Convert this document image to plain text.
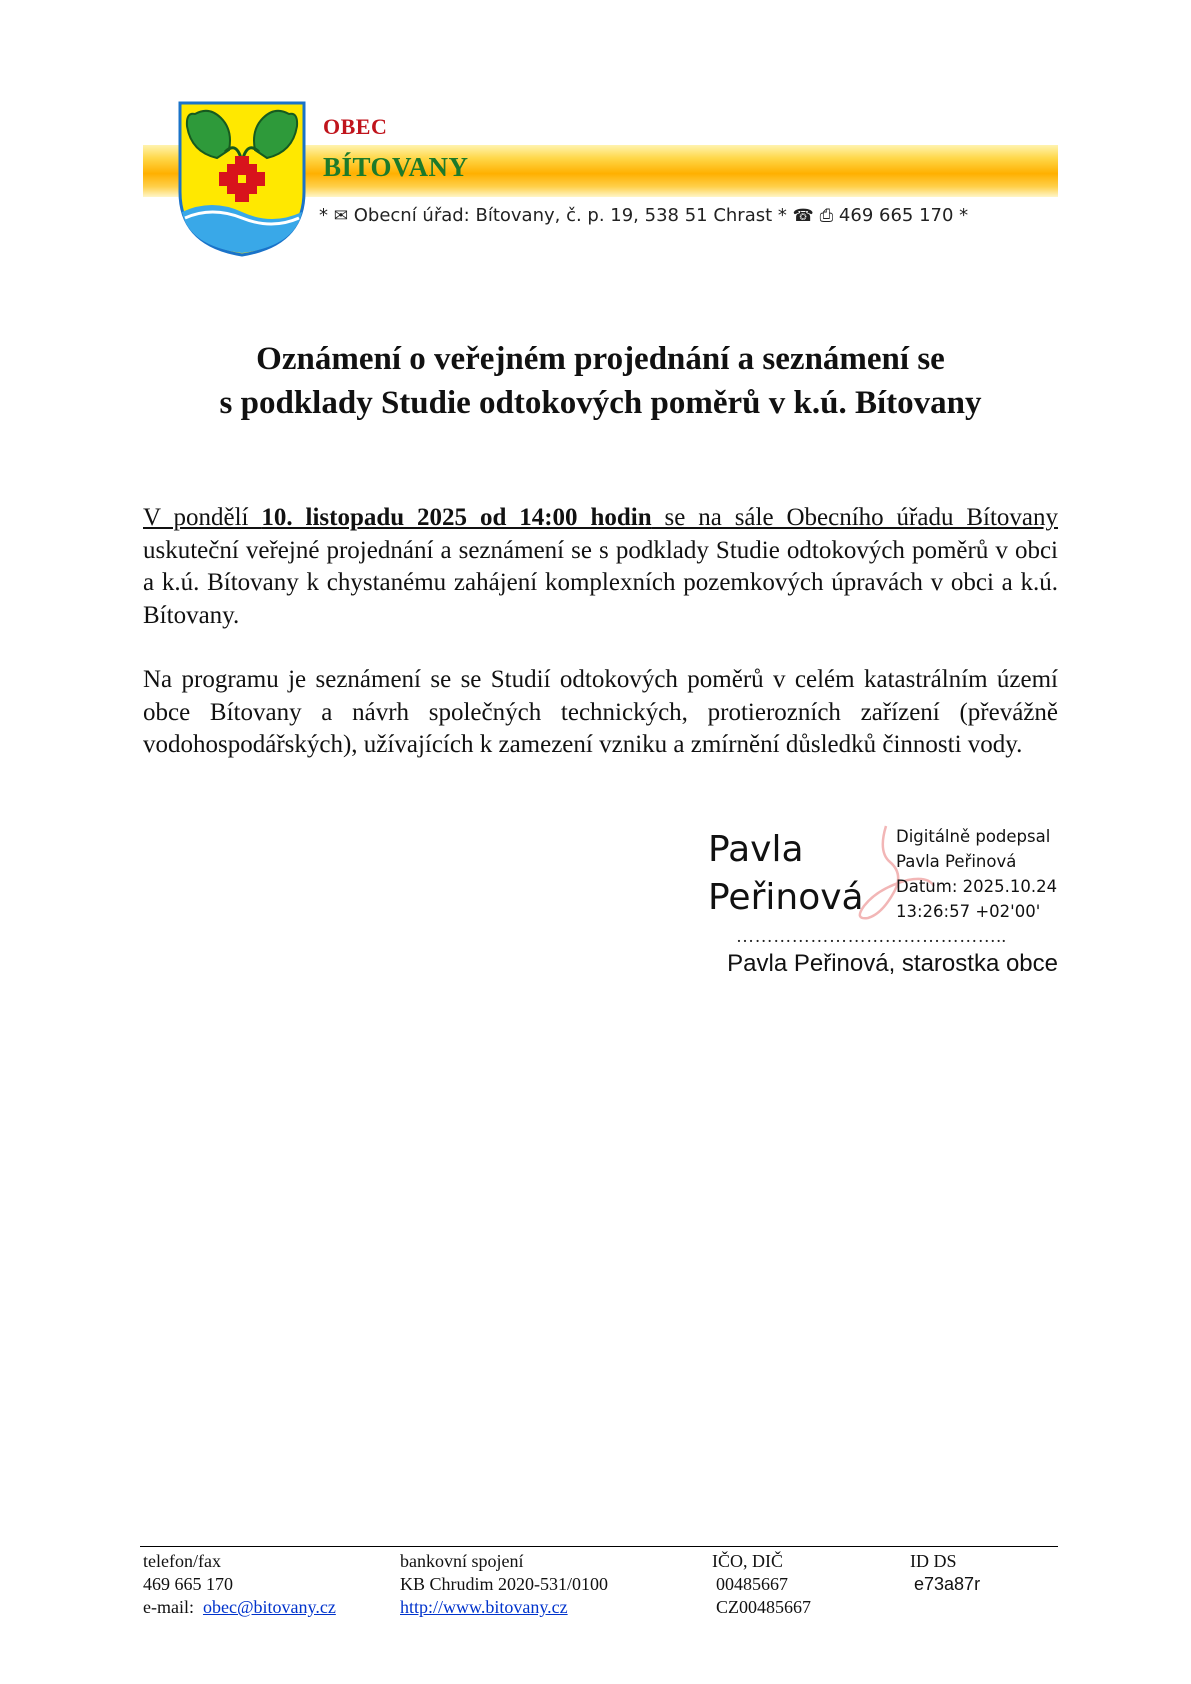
OBEC
BÍTOVANY
* ✉ Obecní úřad: Bítovany, č. p. 19, 538 51 Chrast * ☎ ⎙ 469 665 170 *
Oznámení o veřejném projednání a seznámení se
s podklady Studie odtokových poměrů v k.ú. Bítovany
V pondělí 10. listopadu 2025 od 14:00 hodin se na sále Obecního úřadu Bítovany uskuteční veřejné projednání a seznámení se s podklady Studie odtokových poměrů v obci a k.ú. Bítovany k chystanému zahájení komplexních pozemkových úpravách v obci a k.ú. Bítovany.
Na programu je seznámení se se Studií odtokových poměrů v celém katastrálním území obce Bítovany a návrh společných technických, protierozních zařízení (převážně vodohospodářských), užívajících k zamezení vzniku a zmírnění důsledků činnosti vody.
Pavla
Peřinová
Digitálně podepsal
Pavla Peřinová
Datum: 2025.10.24
13:26:57 +02'00'
……………………………………..
Pavla Peřinová, starostka obce
telefon/fax
469 665 170
e-mail: obec@bitovany.cz
bankovní spojení
KB Chrudim 2020-531/0100
http://www.bitovany.cz
IČO, DIČ
00485667
CZ00485667
ID DS
e73a87r
